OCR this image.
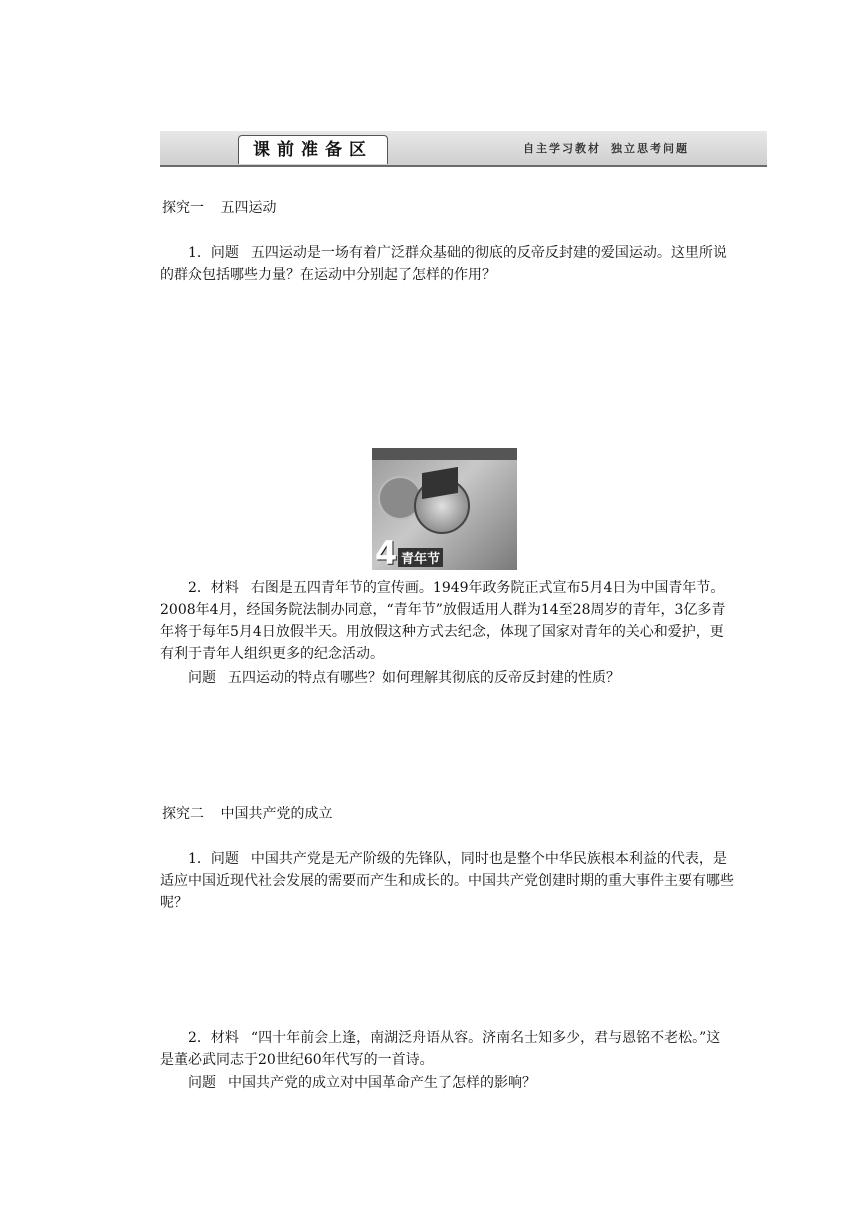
课前准备区	自主学习教材 独立思考问题
探究一 五四运动
1．问题 五四运动是一场有着广泛群众基础的彻底的反帝反封建的爱国运动。这里所说的群众包括哪些力量？在运动中分别起了怎样的作用？
4 青年节
2．材料 右图是五四青年节的宣传画。1949年政务院正式宣布5月4日为中国青年节。2008年4月，经国务院法制办同意，“青年节”放假适用人群为14至28周岁的青年，3亿多青年将于每年5月4日放假半天。用放假这种方式去纪念，体现了国家对青年的关心和爱护，更有利于青年人组织更多的纪念活动。
问题 五四运动的特点有哪些？如何理解其彻底的反帝反封建的性质？
探究二 中国共产党的成立
1．问题 中国共产党是无产阶级的先锋队，同时也是整个中华民族根本利益的代表，是适应中国近现代社会发展的需要而产生和成长的。中国共产党创建时期的重大事件主要有哪些呢？
2．材料 “四十年前会上逢，南湖泛舟语从容。济南名士知多少，君与恩铭不老松。”这是董必武同志于20世纪60年代写的一首诗。
问题 中国共产党的成立对中国革命产生了怎样的影响？
